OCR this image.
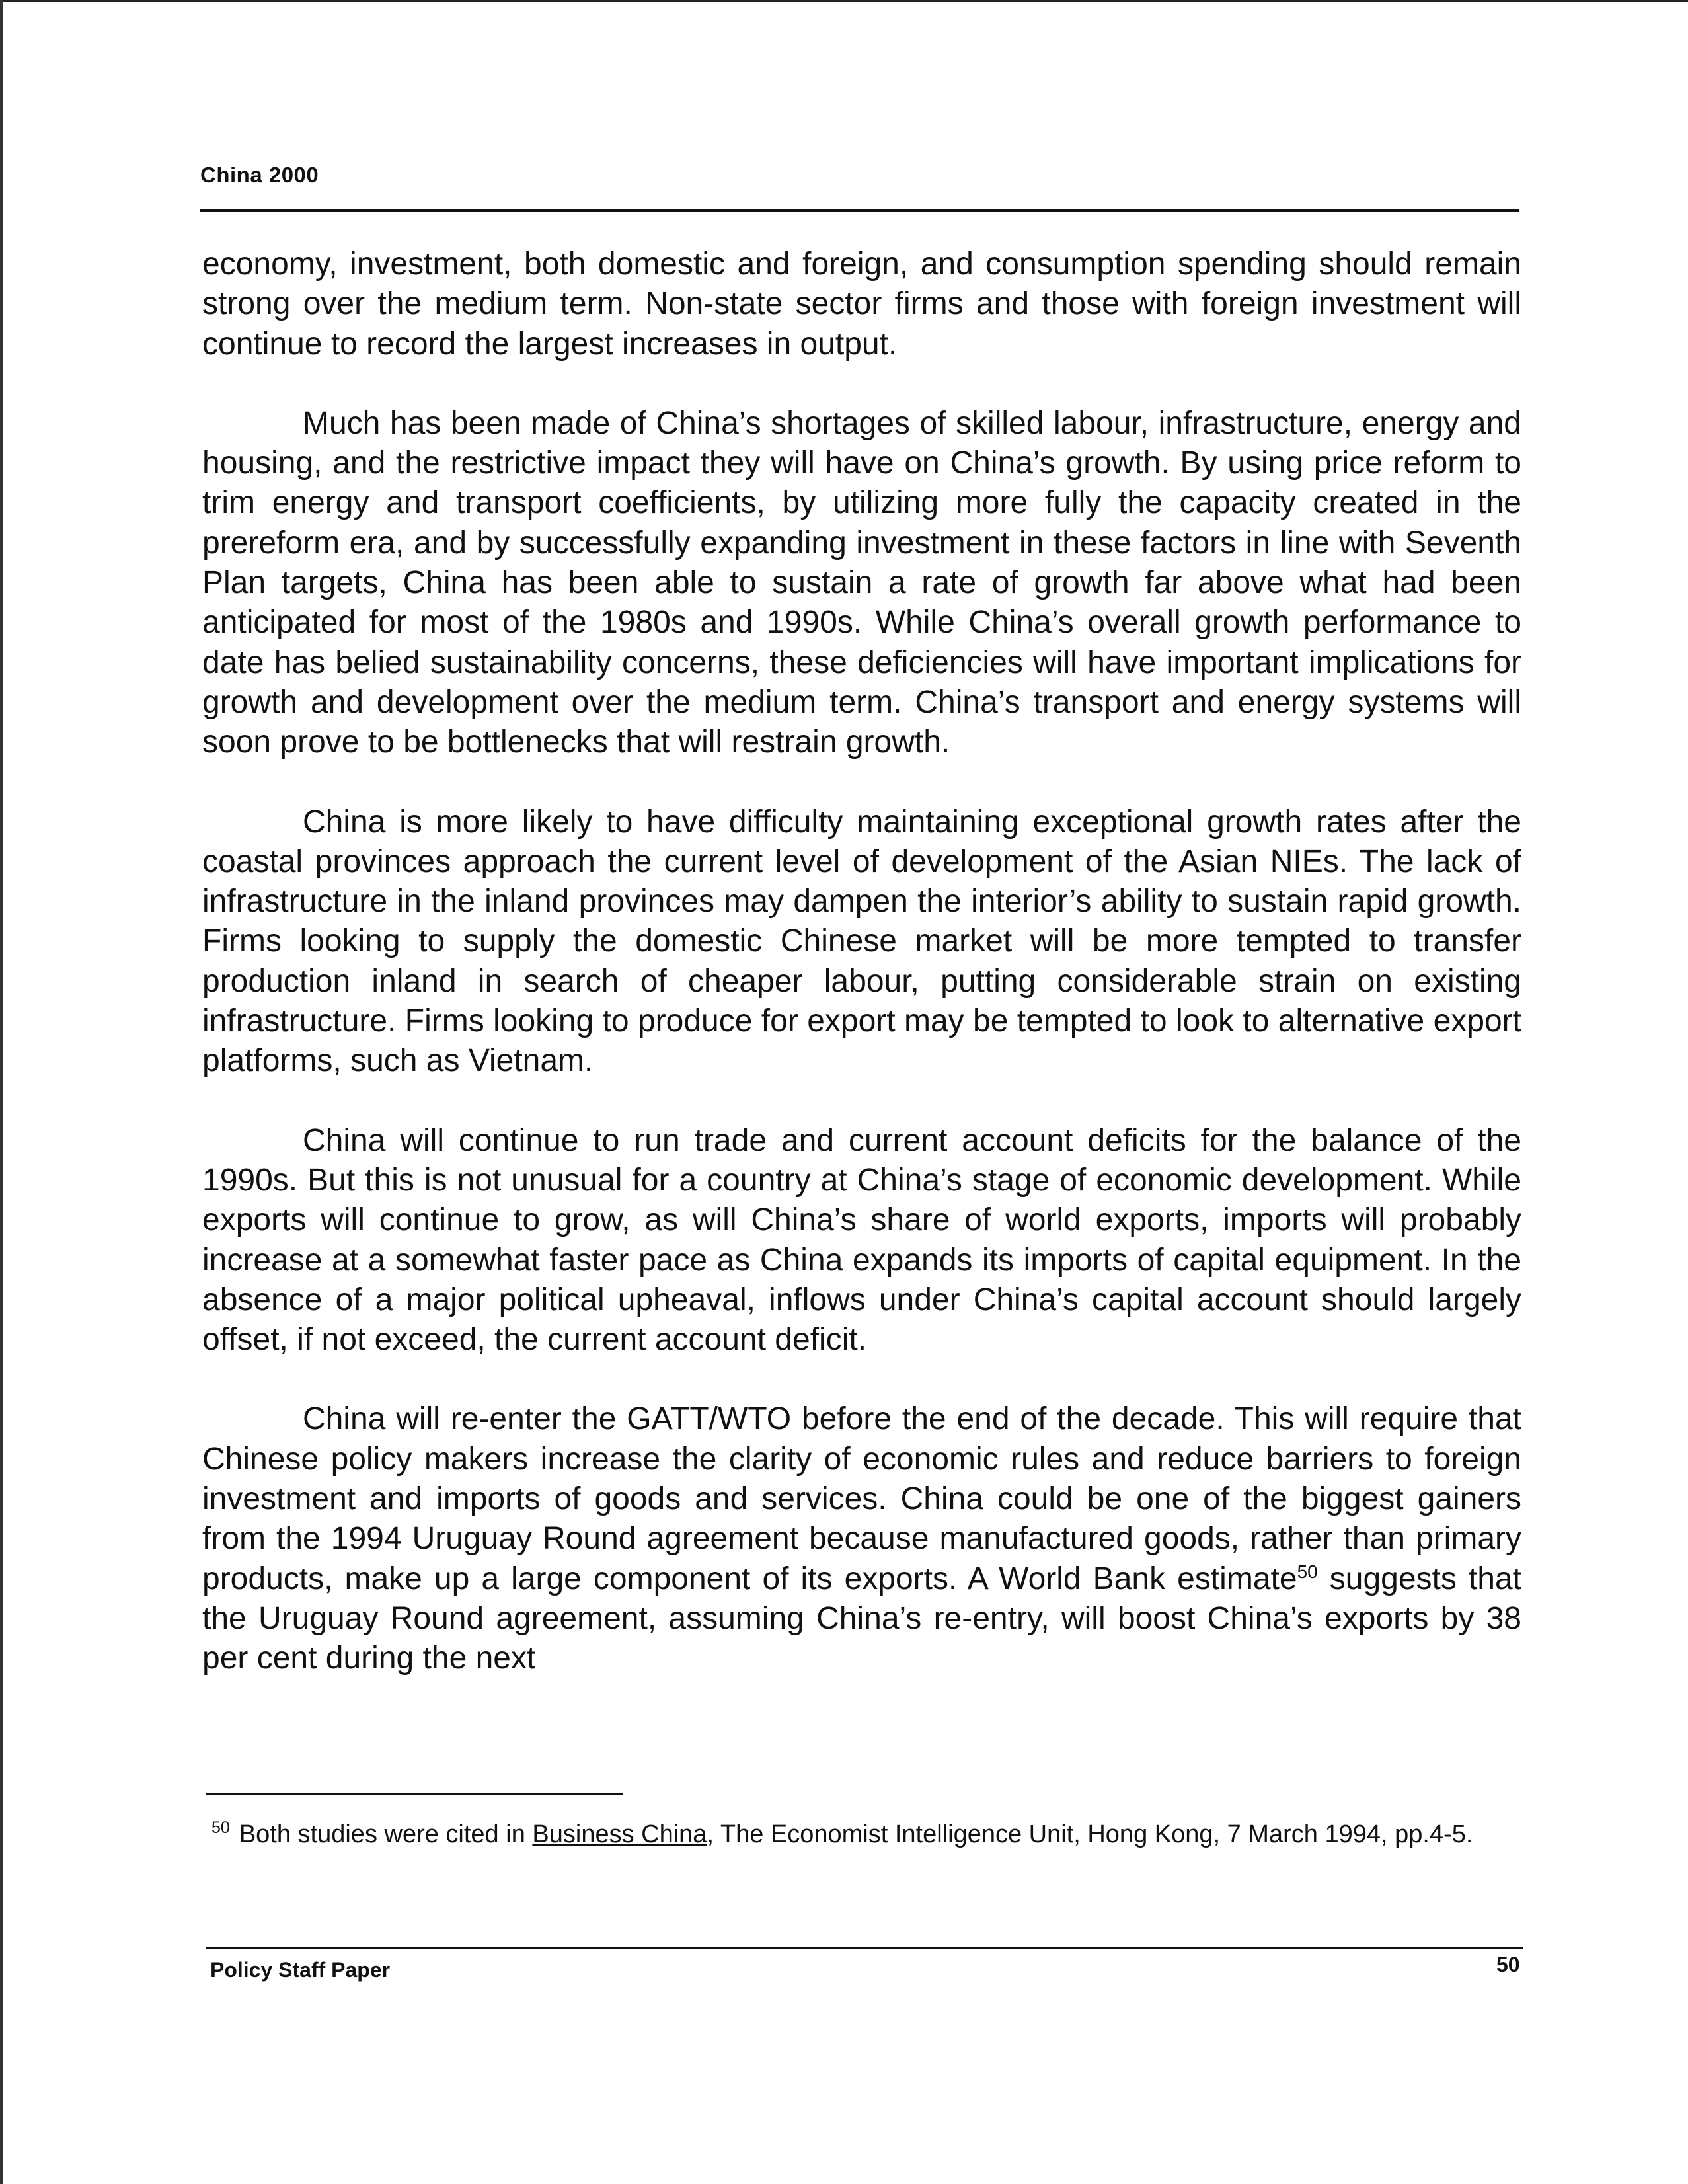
China 2000

economy, investment, both domestic and foreign, and consumption spending should remain strong over the medium term. Non-state sector firms and those with foreign investment will continue to record the largest increases in output.

Much has been made of China’s shortages of skilled labour, infrastructure, energy and housing, and the restrictive impact they will have on China’s growth. By using price reform to trim energy and transport coefficients, by utilizing more fully the capacity created in the prereform era, and by successfully expanding investment in these factors in line with Seventh Plan targets, China has been able to sustain a rate of growth far above what had been anticipated for most of the 1980s and 1990s. While China’s overall growth performance to date has belied sustainability concerns, these deficiencies will have important implications for growth and development over the medium term. China’s transport and energy systems will soon prove to be bottlenecks that will restrain growth.

China is more likely to have difficulty maintaining exceptional growth rates after the coastal provinces approach the current level of development of the Asian NIEs. The lack of infrastructure in the inland provinces may dampen the interior’s ability to sustain rapid growth. Firms looking to supply the domestic Chinese market will be more tempted to transfer production inland in search of cheaper labour, putting considerable strain on existing infrastructure. Firms looking to produce for export may be tempted to look to alternative export platforms, such as Vietnam.

China will continue to run trade and current account deficits for the balance of the 1990s. But this is not unusual for a country at China’s stage of economic development. While exports will continue to grow, as will China’s share of world exports, imports will probably increase at a somewhat faster pace as China expands its imports of capital equipment. In the absence of a major political upheaval, inflows under China’s capital account should largely offset, if not exceed, the current account deficit.

China will re-enter the GATT/WTO before the end of the decade. This will require that Chinese policy makers increase the clarity of economic rules and reduce barriers to foreign investment and imports of goods and services. China could be one of the biggest gainers from the 1994 Uruguay Round agreement because manufactured goods, rather than primary products, make up a large component of its exports. A World Bank estimate$^{50}$ suggests that the Uruguay Round agreement, assuming China’s re-entry, will boost China’s exports by 38 per cent during the next

$^{50}$ Both studies were cited in Business China, The Economist Intelligence Unit, Hong Kong, 7 March 1994, pp.4-5.
Policy Staff Paper	50
